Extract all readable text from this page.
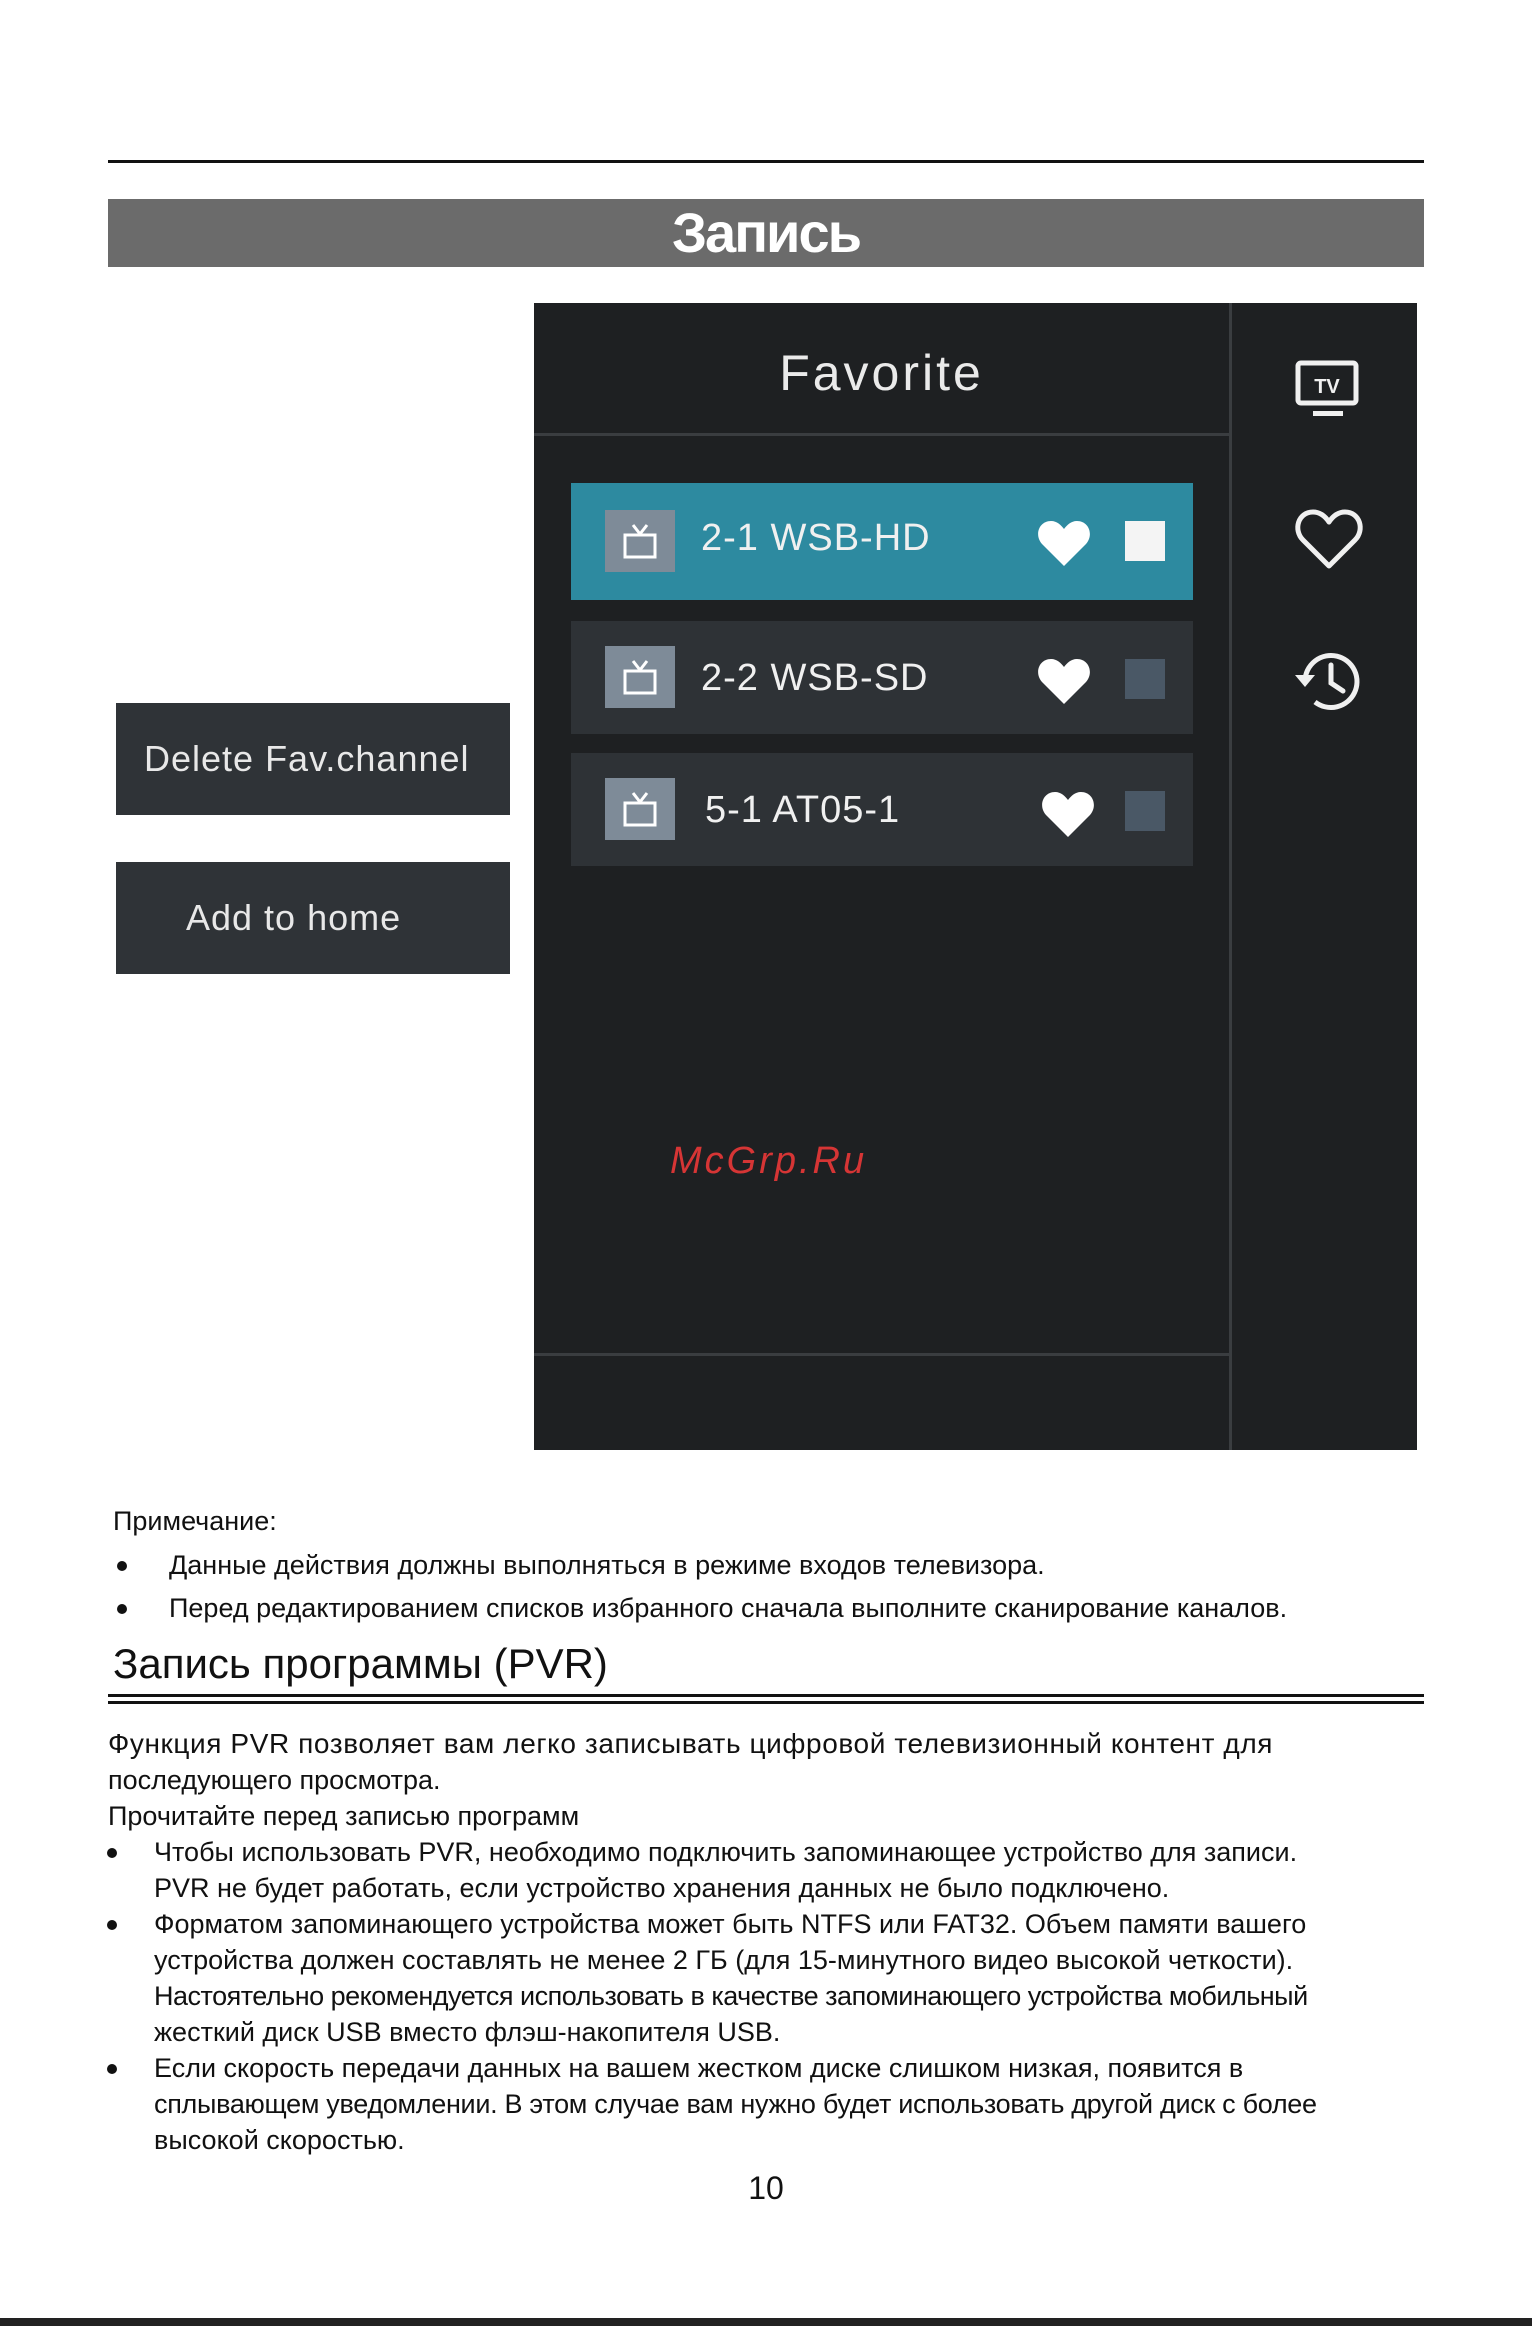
Запись
Delete Fav.channel
Add to home
Favorite
2-1 WSB-HD
2-2 WSB-SD
5-1 AT05-1
TV
McGrp.Ru
Примечание:
Данные действия должны выполняться в режиме входов телевизора.
Перед редактированием списков избранного сначала выполните сканирование каналов.
Запись программы (PVR)
Функция PVR позволяет вам легко записывать цифровой телевизионный контент для
последующего просмотра.
Прочитайте перед записью программ
Чтобы использовать PVR, необходимо подключить запоминающее устройство для записи.
PVR не будет работать, если устройство хранения данных не было подключено.
Форматом запоминающего устройства может быть NTFS или FAT32. Объем памяти вашего
устройства должен составлять не менее 2 ГБ (для 15-минутного видео высокой четкости).
Настоятельно рекомендуется использовать в качестве запоминающего устройства мобильный
жесткий диск USB вместо флэш-накопителя USB.
Если скорость передачи данных на вашем жестком диске слишком низкая, появится в
сплывающем уведомлении. В этом случае вам нужно будет использовать другой диск с более
высокой скоростью.
10
